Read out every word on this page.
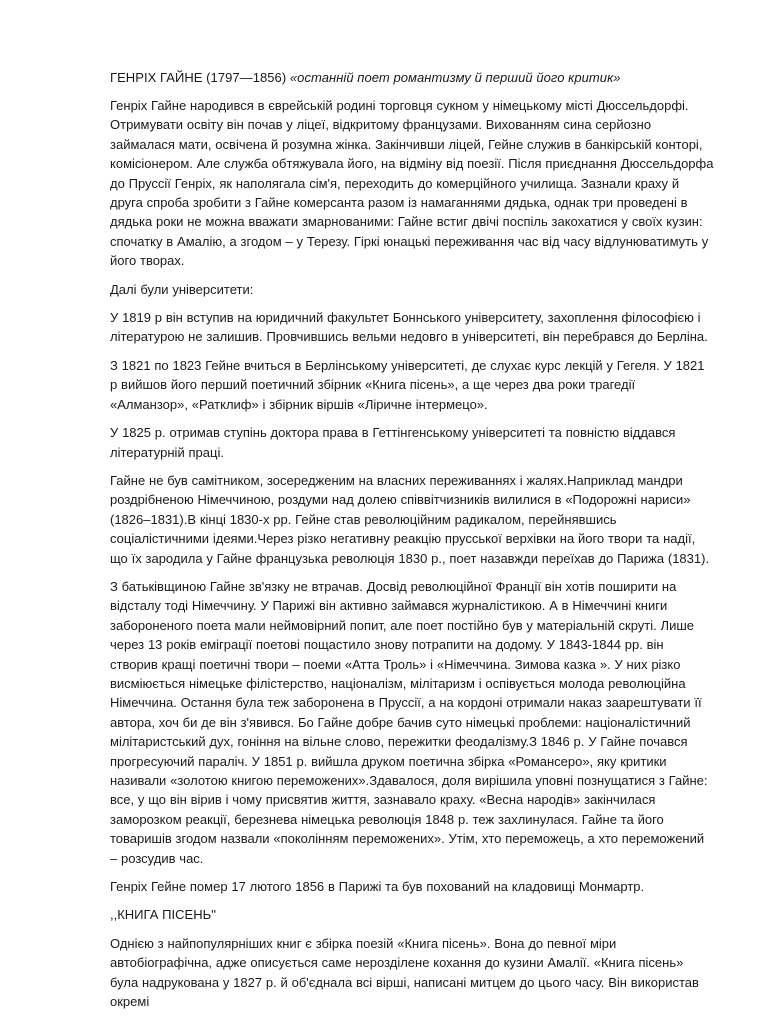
ГЕНРІХ ГАЙНЕ (1797—1856) «останній поет романтизму й перший його критик»

Генріх Гайне народився в єврейській родині торговця сукном у німецькому місті Дюссельдорфі. Отримувати освіту він почав у ліцеї, відкритому французами. Вихованням сина серйозно займалася мати, освічена й розумна жінка. Закінчивши ліцей, Гейне служив в банкірській конторі, комісіонером. Але служба обтяжувала його, на відміну від поезії. Після приєднання Дюссельдорфа до Пруссії Генріх, як наполягала сім'я, переходить до комерційного училища. Зазнали краху й друга спроба зробити з Гайне комерсанта разом із намаганнями дядька, однак три проведені в дядька роки не можна вважати змарнованими: Гайне встиг двічі поспіль закохатися у своїх кузин: спочатку в Амалію, а згодом – у Терезу. Гіркі юнацькі переживання час від часу відлунюватимуть у його творах.

Далі були університети:

У 1819 р він вступив на юридичний факультет Боннського університету, захоплення філософією і літературою не залишив. Провчившись вельми недовго в університеті, він перебрався до Берліна.

З 1821 по 1823 Гейне вчиться в Берлінському університеті, де слухає курс лекцій у Гегеля. У 1821 р вийшов його перший поетичний збірник «Книга пісень», а ще через два роки трагедії «Алманзор», «Ратклиф» і збірник віршів «Ліричне інтермецо».

У 1825 р. отримав ступінь доктора права в Геттінгенському університеті та повністю віддався літературній праці.

Гайне не був самітником, зосередженим на власних переживаннях і жалях.Наприклад мандри роздрібненою Німеччиною, роздуми над долею співвітчизників вилилися в «Подорожні нариси» (1826–1831).В кінці 1830-х рр. Гейне став революційним радикалом, перейнявшись соціалістичними ідеями.Через різко негативну реакцію прусської верхівки на його твори та надії, що їх зародила у Гайне французька революція 1830 р., поет назавжди переїхав до Парижа (1831).

З батьківщиною Гайне зв'язку не втрачав. Досвід революційної Франції він хотів поширити на відсталу тоді Німеччину. У Парижі він активно займався журналістикою. А в Німеччині книги забороненого поета мали неймовірний попит, але поет постійно був у матеріальній скруті. Лише через 13 років еміграції поетові пощастило знову потрапити на додому. У 1843-1844 рр. він створив кращі поетичні твори – поеми «Атта Троль» і «Німеччина. Зимова казка ». У них різко висміюється німецьке філістерство, націоналізм, мілітаризм і оспівується молода революційна Німеччина. Остання була теж заборонена в Пруссії, а на кордоні отримали наказ заарештувати її автора, хоч би де він з'явився. Бо Гайне добре бачив суто німецькі проблеми: націоналістичний мілітаристський дух, гоніння на вільне слово, пережитки феодалізму.З 1846 р. У Гайне почався прогресуючий параліч. У 1851 р. вийшла друком поетична збірка «Романсеро», яку критики називали «золотою книгою переможених».Здавалося, доля вирішила уповні познущатися з Гайне: все, у що він вірив і чому присвятив життя, зазнавало краху. «Весна народів» закінчилася заморозком реакції, березнева німецька революція 1848 р. теж захлинулася. Гайне та його товаришів згодом назвали «поколінням переможених». Утім, хто переможець, а хто переможений – розсудив час.

Генріх Гейне помер 17 лютого 1856 в Парижі та був похований на кладовищі Монмартр.

,,КНИГА ПІСЕНЬ''

Однією з найпопулярніших книг є збірка поезій «Книга пісень». Вона до певної міри автобіографічна, адже описується саме нерозділене кохання до кузини Амалії. «Книга пісень» була надрукована у 1827 р. й об'єднала всі вірші, написані митцем до цього часу. Він використав окремі
